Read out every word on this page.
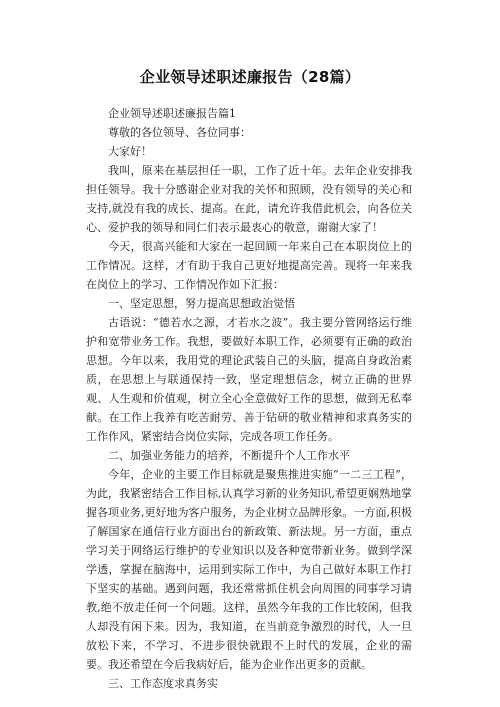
企业领导述职述廉报告（28篇）

企业领导述职述廉报告篇1

尊敬的各位领导、各位同事：

大家好！

我叫，原来在基层担任一职，工作了近十年。去年企业安排我担任领导。我十分感谢企业对我的关怀和照顾，没有领导的关心和支持,就没有我的成长、提高。在此，请允许我借此机会，向各位关心、爱护我的领导和同仁们表示最衷心的敬意，谢谢大家了！

今天，很高兴能和大家在一起回顾一年来自己在本职岗位上的工作情况。这样，才有助于我自己更好地提高完善。现将一年来我在岗位上的学习、工作情况作如下汇报：

一、坚定思想，努力提高思想政治觉悟

古语说：“德若水之源，才若水之波”。我主要分管网络运行维护和宽带业务工作。我想，要做好本职工作，必须要有正确的政治思想。今年以来，我用党的理论武装自己的头脑，提高自身政治素质，在思想上与联通保持一致，坚定理想信念，树立正确的世界观、人生观和价值观，树立全心全意做好工作的思想，做到无私奉献。在工作上我养有吃苦耐劳、善于钻研的敬业精神和求真务实的工作作风，紧密结合岗位实际，完成各项工作任务。

二、加强业务能力的培养，不断提升个人工作水平

今年，企业的主要工作目标就是聚焦推进实施“一二三工程”，为此，我紧密结合工作目标,认真学习新的业务知识,希望更娴熟地掌握各项业务,更好地为客户服务，为企业树立品牌形象。一方面,积极了解国家在通信行业方面出台的新政策、新法规。另一方面，重点学习关于网络运行维护的专业知识以及各种宽带新业务。做到学深学透，掌握在脑海中，运用到实际工作中，为自己做好本职工作打下坚实的基础。遇到问题，我还常常抓住机会向周围的同事学习请教,绝不放走任何一个问题。这样，虽然今年我的工作比较闲，但我人却没有闲下来。因为，我知道，在当前竞争激烈的时代，人一旦放松下来，不学习、不进步很快就跟不上时代的发展，企业的需要。我还希望在今后我病好后，能为企业作出更多的贡献。

三、工作态度求真务实
